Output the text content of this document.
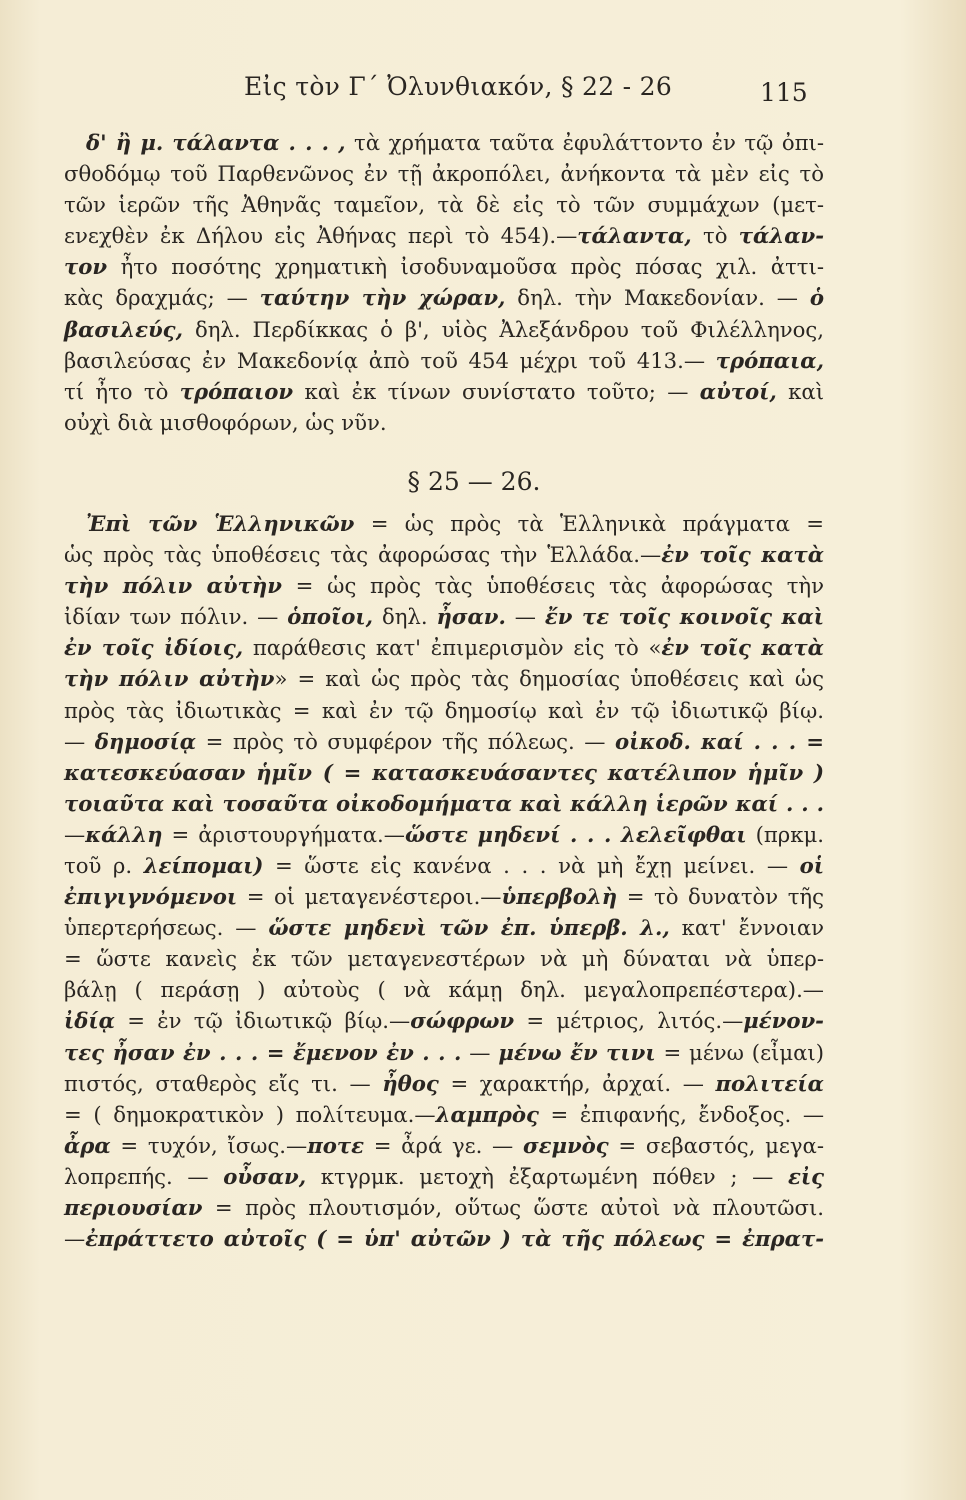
Εἰς τὸν Γ΄ Ὀλυνθιακόν, § 22 - 26	115
δ' ἢ μ. τάλαντα . . . , τὰ χρήματα ταῦτα ἐφυλάττοντο ἐν τῷ ὀπι-
σθοδόμῳ τοῦ Παρθενῶνος ἐν τῇ ἀκροπόλει, ἀνήκοντα τὰ μὲν εἰς τὸ
τῶν ἱερῶν τῆς Ἀθηνᾶς ταμεῖον, τὰ δὲ εἰς τὸ τῶν συμμάχων (μετ-
ενεχθὲν ἐκ Δήλου εἰς Ἀθήνας περὶ τὸ 454).—τάλαντα, τὸ τάλαν-
τον ἦτο ποσότης χρηματικὴ ἰσοδυναμοῦσα πρὸς πόσας χιλ. ἀττι-
κὰς δραχμάς; — ταύτην τὴν χώραν, δηλ. τὴν Μακεδονίαν. — ὁ
βασιλεύς, δηλ. Περδίκκας ὁ β', υἱὸς Ἀλεξάνδρου τοῦ Φιλέλληνος,
βασιλεύσας ἐν Μακεδονίᾳ ἀπὸ τοῦ 454 μέχρι τοῦ 413.— τρόπαια,
τί ἦτο τὸ τρόπαιον καὶ ἐκ τίνων συνίστατο τοῦτο; — αὐτοί, καὶ
οὐχὶ διὰ μισθοφόρων, ὡς νῦν.
§ 25 — 26.
Ἐπὶ τῶν Ἑλληνικῶν = ὡς πρὸς τὰ Ἑλληνικὰ πράγματα =
ὡς πρὸς τὰς ὑποθέσεις τὰς ἀφορώσας τὴν Ἑλλάδα.—ἐν τοῖς κατὰ
τὴν πόλιν αὐτὴν = ὡς πρὸς τὰς ὑποθέσεις τὰς ἀφορώσας τὴν
ἰδίαν των πόλιν. — ὁποῖοι, δηλ. ἦσαν. — ἔν τε τοῖς κοινοῖς καὶ
ἐν τοῖς ἰδίοις, παράθεσις κατ' ἐπιμερισμὸν εἰς τὸ «ἐν τοῖς κατὰ
τὴν πόλιν αὐτὴν» = καὶ ὡς πρὸς τὰς δημοσίας ὑποθέσεις καὶ ὡς
πρὸς τὰς ἰδιωτικὰς = καὶ ἐν τῷ δημοσίῳ καὶ ἐν τῷ ἰδιωτικῷ βίῳ.
— δημοσίᾳ = πρὸς τὸ συμφέρον τῆς πόλεως. — οἰκοδ. καί . . . =
κατεσκεύασαν ἡμῖν ( = κατασκευάσαντες κατέλιπον ἡμῖν )
τοιαῦτα καὶ τοσαῦτα οἰκοδομήματα καὶ κάλλη ἱερῶν καί . . .
—κάλλη = ἀριστουργήματα.—ὥστε μηδενί . . . λελεῖφθαι (πρκμ.
τοῦ ρ. λείπομαι) = ὥστε εἰς κανένα . . . νὰ μὴ ἔχῃ μείνει. — οἱ
ἐπιγιγνόμενοι = οἱ μεταγενέστεροι.—ὑπερβολὴ = τὸ δυνατὸν τῆς
ὑπερτερήσεως. — ὥστε μηδενὶ τῶν ἐπ. ὑπερβ. λ., κατ' ἔννοιαν
= ὥστε κανεὶς ἐκ τῶν μεταγενεστέρων νὰ μὴ δύναται νὰ ὑπερ-
βάλῃ ( περάσῃ ) αὐτοὺς ( νὰ κάμῃ δηλ. μεγαλοπρεπέστερα).—
ἰδίᾳ = ἐν τῷ ἰδιωτικῷ βίῳ.—σώφρων = μέτριος, λιτός.—μένον-
τες ἦσαν ἐν . . . = ἔμενον ἐν . . . — μένω ἔν τινι = μένω (εἶμαι)
πιστός, σταθερὸς εἴς τι. — ἦθος = χαρακτήρ, ἀρχαί. — πολιτεία
= ( δημοκρατικὸν ) πολίτευμα.—λαμπρὸς = ἐπιφανής, ἔνδοξος. —
ἆρα = τυχόν, ἴσως.—ποτε = ἆρά γε. — σεμνὸς = σεβαστός, μεγα-
λοπρεπής. — οὖσαν, κτγρμκ. μετοχὴ ἐξαρτωμένη πόθεν ; — εἰς
περιουσίαν = πρὸς πλουτισμόν, οὕτως ὥστε αὐτοὶ νὰ πλουτῶσι.
—ἐπράττετο αὐτοῖς ( = ὑπ' αὐτῶν ) τὰ τῆς πόλεως = ἐπρατ-
